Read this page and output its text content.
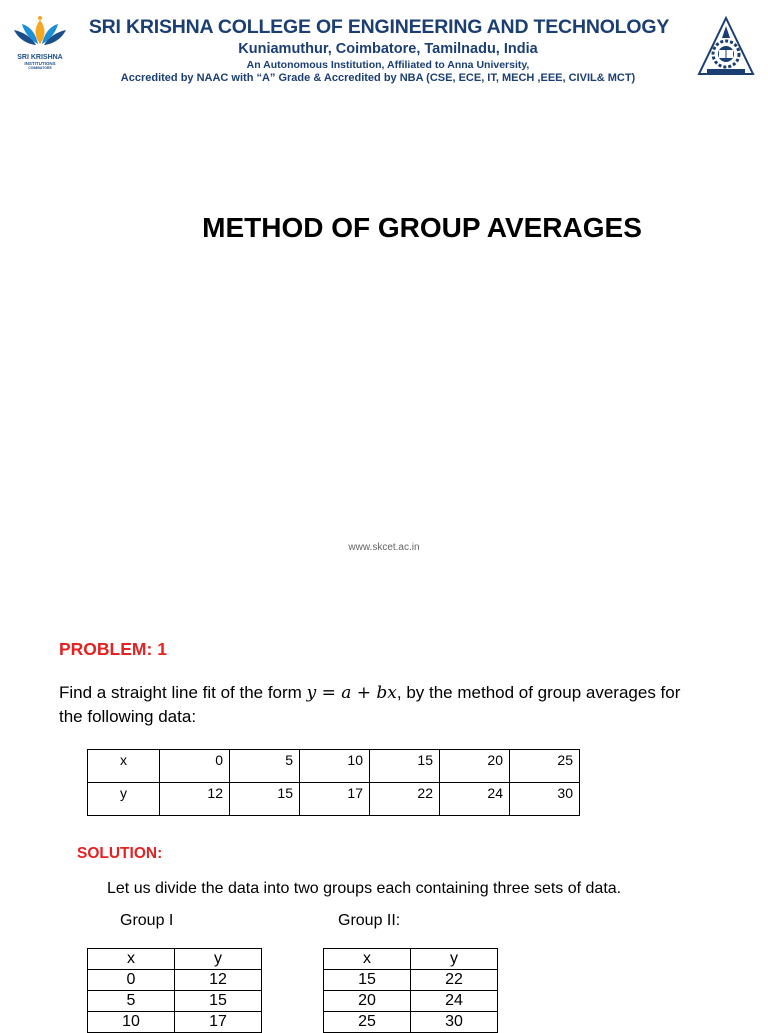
SRI KRISHNA
INSTITUTIONS
COIMBATORE
SRI KRISHNA COLLEGE OF ENGINEERING AND TECHNOLOGY
Kuniamuthur, Coimbatore, Tamilnadu, India
An Autonomous Institution, Affiliated to Anna University,
Accredited by NAAC with “A” Grade & Accredited by NBA (CSE, ECE, IT, MECH ,EEE, CIVIL& MCT)
METHOD OF GROUP AVERAGES
www.skcet.ac.in
PROBLEM: 1
Find a straight line fit of the form y = a + bx, by the method of group averages for the following data:
x	0	5	10	15	20	25
y	12	15	17	22	24	30
SOLUTION:
Let us divide the data into two groups each containing three sets of data.
Group I	Group II:
x	y
0	12
5	15
10	17
x	y
15	22
20	24
25	30
